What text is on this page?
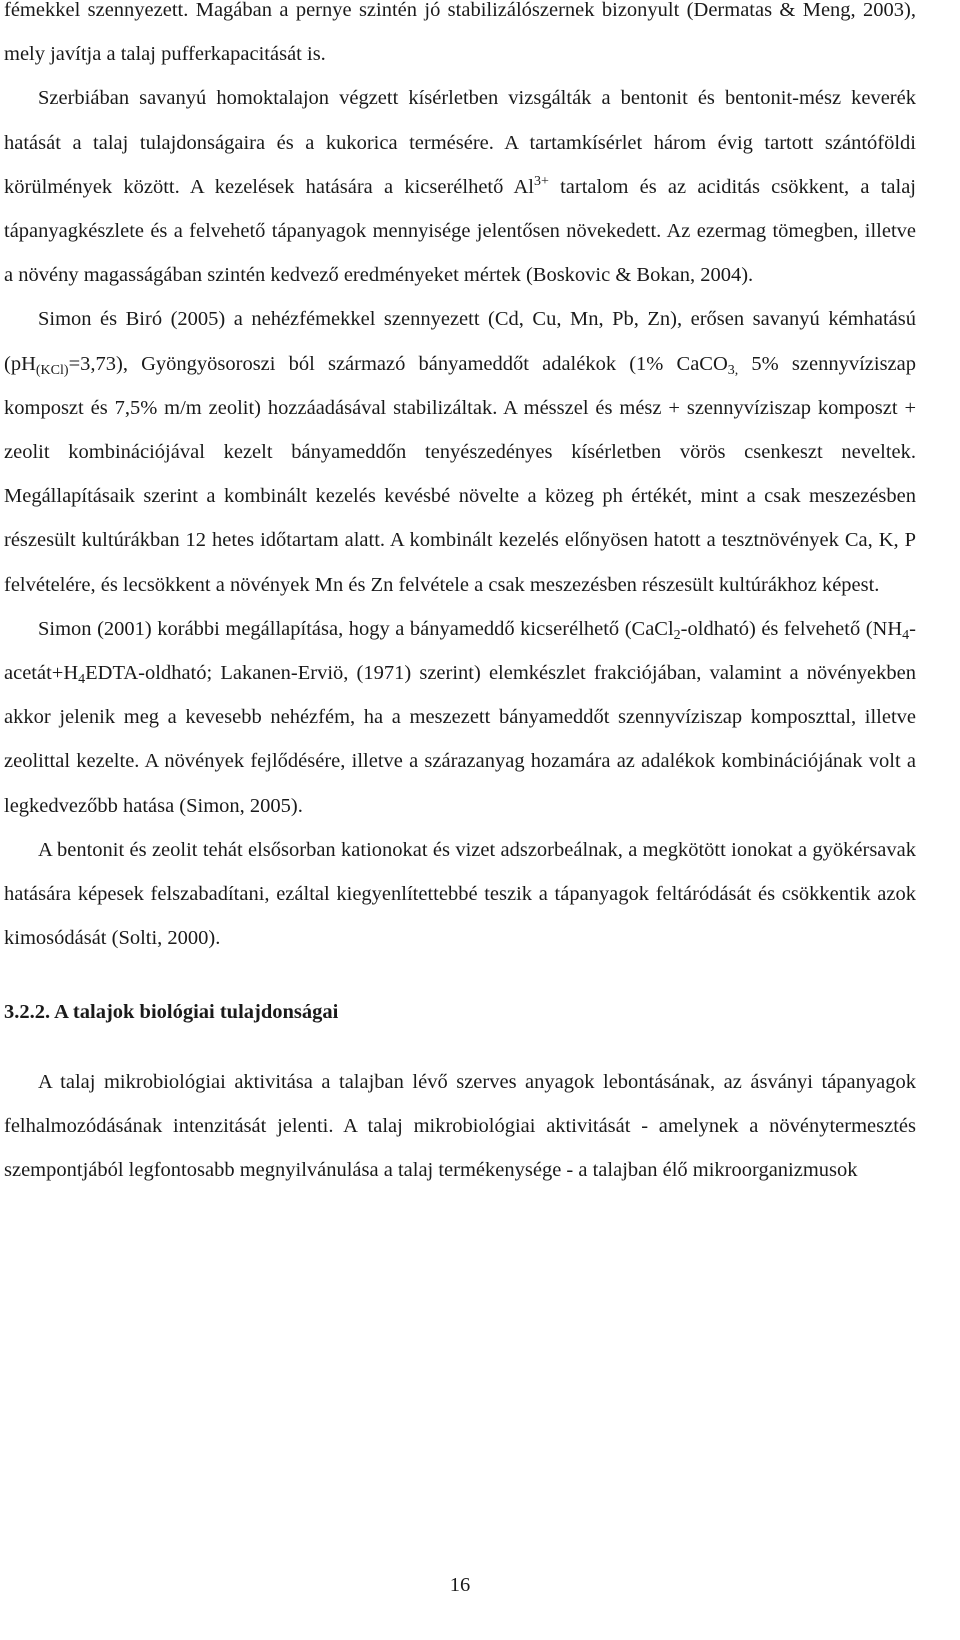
fémekkel szennyezett. Magában a pernye szintén jó stabilizálószernek bizonyult (Dermatas & Meng, 2003), mely javítja a talaj pufferkapacitását is.

Szerbiában savanyú homoktalajon végzett kísérletben vizsgálták a bentonit és bentonit-mész keverék hatását a talaj tulajdonságaira és a kukorica termésére. A tartamkísérlet három évig tartott szántóföldi körülmények között. A kezelések hatására a kicserélhető $Al^{3+}$ tartalom és az aciditás csökkent, a talaj tápanyagkészlete és a felvehető tápanyagok mennyisége jelentősen növekedett. Az ezermag tömegben, illetve a növény magasságában szintén kedvező eredményeket mértek (Boskovic & Bokan, 2004).

Simon és Biró (2005) a nehézfémekkel szennyezett (Cd, Cu, Mn, Pb, Zn), erősen savanyú kémhatású $(pH_{(KCl)}=3,73)$, Gyöngyösoroszi ból származó bányameddőt adalékok (1% CaCO$_{3,}$ 5% szennyvíziszap komposzt és 7,5% m/m zeolit) hozzáadásával stabilizáltak. A mésszel és mész + szennyvíziszap komposzt + zeolit kombinációjával kezelt bányameddőn tenyészedényes kísérletben vörös csenkeszt neveltek. Megállapításaik szerint a kombinált kezelés kevésbé növelte a közeg ph értékét, mint a csak meszezésben részesült kultúrákban 12 hetes időtartam alatt. A kombinált kezelés előnyösen hatott a tesztnövények Ca, K, P felvételére, és lecsökkent a növények Mn és Zn felvétele a csak meszezésben részesült kultúrákhoz képest.

Simon (2001) korábbi megállapítása, hogy a bányameddő kicserélhető (CaCl$_2$-oldható) és felvehető ($NH_4-acetát+H_4EDTA$-oldható; Lakanen-Erviö, (1971) szerint) elemkészlet frakciójában, valamint a növényekben akkor jelenik meg a kevesebb nehézfém, ha a meszezett bányameddőt szennyvíziszap komposzttal, illetve zeolittal kezelte. A növények fejlődésére, illetve a szárazanyag hozamára az adalékok kombinációjának volt a legkedvezőbb hatása (Simon, 2005).

A bentonit és zeolit tehát elsősorban kationokat és vizet adszorbeálnak, a megkötött ionokat a gyökérsavak hatására képesek felszabadítani, ezáltal kiegyenlítettebbé teszik a tápanyagok feltáródását és csökkentik azok kimosódását (Solti, 2000).

3.2.2. A talajok biológiai tulajdonságai

A talaj mikrobiológiai aktivitása a talajban lévő szerves anyagok lebontásának, az ásványi tápanyagok felhalmozódásának intenzitását jelenti. A talaj mikrobiológiai aktivitását - amelynek a növénytermesztés szempontjából legfontosabb megnyilvánulása a talaj termékenysége - a talajban élő mikroorganizmusok

16
